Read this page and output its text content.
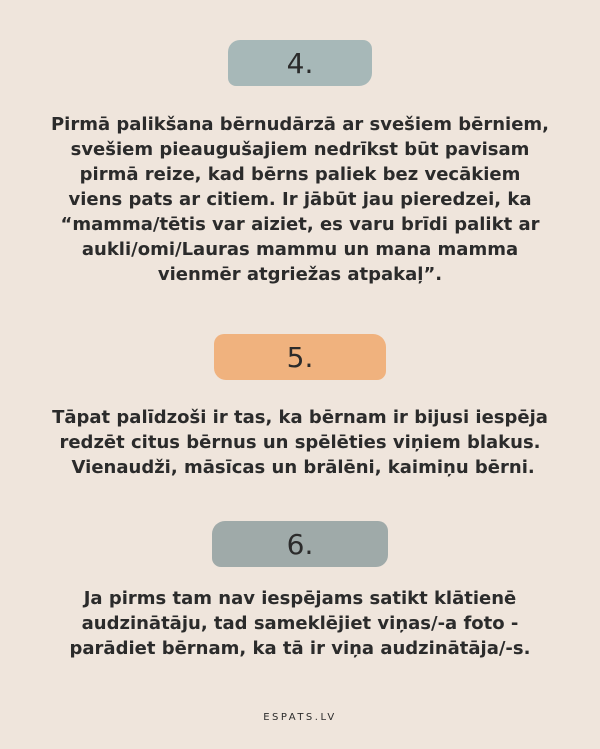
4.
Pirmā palikšana bērnudārzā ar svešiem bērniem,
svešiem pieaugušajiem nedrīkst būt pavisam
pirmā reize, kad bērns paliek bez vecākiem
viens pats ar citiem. Ir jābūt jau pieredzei, ka
“mamma/tētis var aiziet, es varu brīdi palikt ar
aukli/omi/Lauras mammu un mana mamma
vienmēr atgriežas atpakaļ”.
5.
Tāpat palīdzoši ir tas, ka bērnam ir bijusi iespēja
redzēt citus bērnus un spēlēties viņiem blakus.
Vienaudži, māsīcas un brālēni, kaimiņu bērni.
6.
Ja pirms tam nav iespējams satikt klātienē
audzinātāju, tad sameklējiet viņas/-a foto -
parādiet bērnam, ka tā ir viņa audzinātāja/-s.
ESPATS.LV
